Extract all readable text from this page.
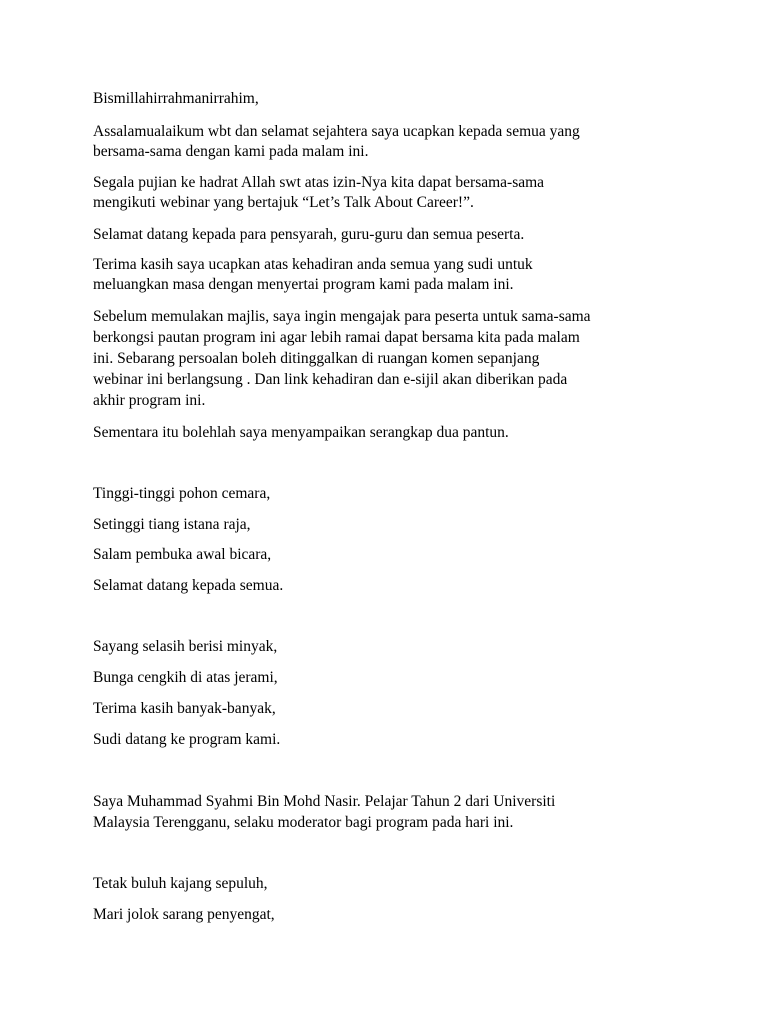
Bismillahirrahmanirrahim,

Assalamualaikum wbt dan selamat sejahtera saya ucapkan kepada semua yang

bersama-sama dengan kami pada malam ini.

Segala pujian ke hadrat Allah swt atas izin-Nya kita dapat bersama-sama

mengikuti webinar yang bertajuk “Let’s Talk About Career!”.

Selamat datang kepada para pensyarah, guru-guru dan semua peserta.

Terima kasih saya ucapkan atas kehadiran anda semua yang sudi untuk

meluangkan masa dengan menyertai program kami pada malam ini.

Sebelum memulakan majlis, saya ingin mengajak para peserta untuk sama-sama

berkongsi pautan program ini agar lebih ramai dapat bersama kita pada malam

ini. Sebarang persoalan boleh ditinggalkan di ruangan komen sepanjang

webinar ini berlangsung . Dan link kehadiran dan e-sijil akan diberikan pada

akhir program ini.

Sementara itu bolehlah saya menyampaikan serangkap dua pantun.

Tinggi-tinggi pohon cemara,

Setinggi tiang istana raja,

Salam pembuka awal bicara,

Selamat datang kepada semua.

Sayang selasih berisi minyak,

Bunga cengkih di atas jerami,

Terima kasih banyak-banyak,

Sudi datang ke program kami.

Saya Muhammad Syahmi Bin Mohd Nasir. Pelajar Tahun 2 dari Universiti

Malaysia Terengganu, selaku moderator bagi program pada hari ini.

Tetak buluh kajang sepuluh,

Mari jolok sarang penyengat,
